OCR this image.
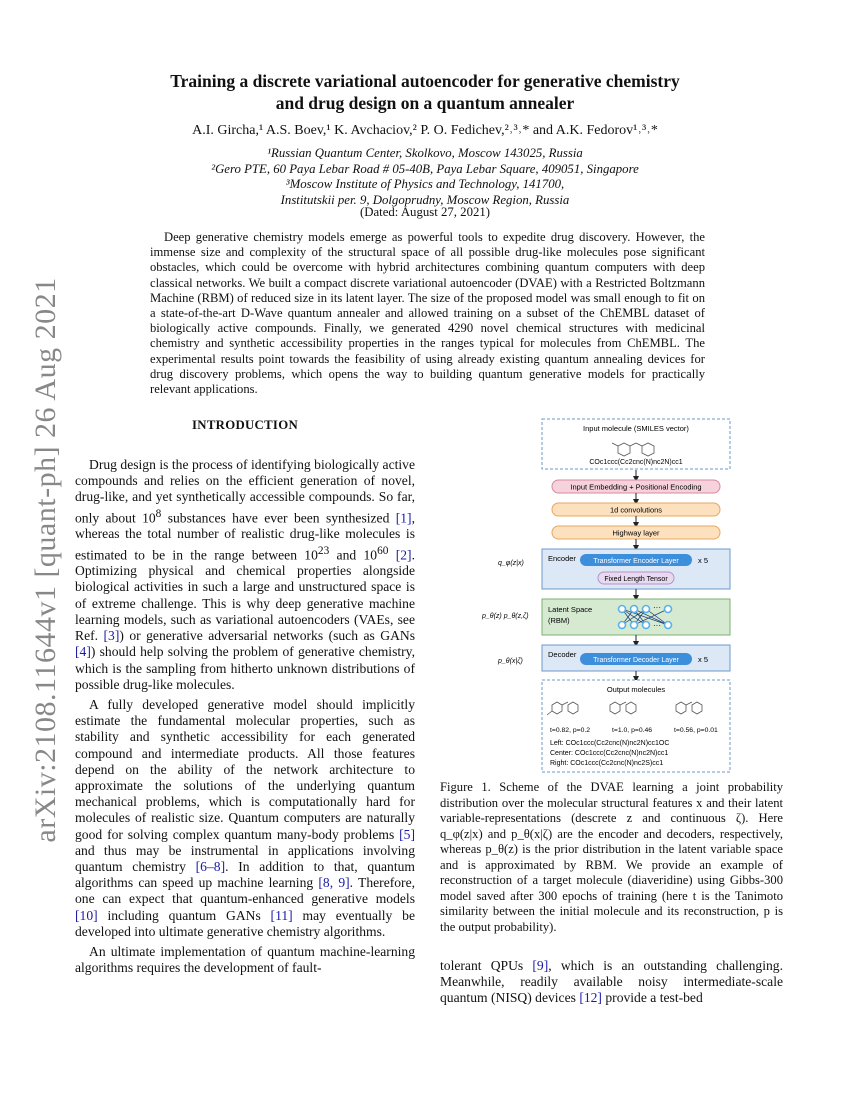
arXiv:2108.11644v1 [quant-ph] 26 Aug 2021
Training a discrete variational autoencoder for generative chemistry
and drug design on a quantum annealer
A.I. Gircha,¹ A.S. Boev,¹ K. Avchaciov,² P. O. Fedichev,²˒³˒* and A.K. Fedorov¹˒³˒*
¹Russian Quantum Center, Skolkovo, Moscow 143025, Russia
²Gero PTE, 60 Paya Lebar Road # 05-40B, Paya Lebar Square, 409051, Singapore
³Moscow Institute of Physics and Technology, 141700,
Institutskii per. 9, Dolgoprudny, Moscow Region, Russia
(Dated: August 27, 2021)

Deep generative chemistry models emerge as powerful tools to expedite drug discovery. However, the immense size and complexity of the structural space of all possible drug-like molecules pose significant obstacles, which could be overcome with hybrid architectures combining quantum computers with deep classical networks. We built a compact discrete variational autoencoder (DVAE) with a Restricted Boltzmann Machine (RBM) of reduced size in its latent layer. The size of the proposed model was small enough to fit on a state-of-the-art D-Wave quantum annealer and allowed training on a subset of the ChEMBL dataset of biologically active compounds. Finally, we generated 4290 novel chemical structures with medicinal chemistry and synthetic accessibility properties in the ranges typical for molecules from ChEMBL. The experimental results point towards the feasibility of using already existing quantum annealing devices for drug discovery problems, which opens the way to building quantum generative models for practically relevant applications.

INTRODUCTION

Drug design is the process of identifying biologically active compounds and relies on the efficient generation of novel, drug-like, and yet synthetically accessible compounds. So far, only about $10^8$ substances have ever been synthesized [1], whereas the total number of realistic drug-like molecules is estimated to be in the range between $10^{23}$ and $10^{60}$ [2]. Optimizing physical and chemical properties alongside biological activities in such a large and unstructured space is of extreme challenge. This is why deep generative machine learning models, such as variational autoencoders (VAEs, see Ref. [3]) or generative adversarial networks (such as GANs [4]) should help solving the problem of generative chemistry, which is the sampling from hitherto unknown distributions of possible drug-like molecules.

A fully developed generative model should implicitly estimate the fundamental molecular properties, such as stability and synthetic accessibility for each generated compound and intermediate products. All those features depend on the ability of the network architecture to approximate the solutions of the underlying quantum mechanical problems, which is computationally hard for molecules of realistic size. Quantum computers are naturally good for solving complex quantum many-body problems [5] and thus may be instrumental in applications involving quantum chemistry [6–8]. In addition to that, quantum algorithms can speed up machine learning [8, 9]. Therefore, one can expect that quantum-enhanced generative models [10] including quantum GANs [11] may eventually be developed into ultimate generative chemistry algorithms.

An ultimate implementation of quantum machine-learning algorithms requires the development of fault-

Input molecule (SMILES vector)
COc1ccc(Cc2cnc(N)nc2N)cc1
Input Embedding + Positional Encoding
1d convolutions
Highway layer
q_φ(z|x)
Encoder Transformer Encoder Layer	x 5
Fixed Length Tensor
p_θ(z) p_θ(z,ζ)
Latent Space
(RBM)
···
···
p_θ(x|ζ)
Decoder
Transformer Decoder Layer	x 5
Output molecules
t=0.82, p=0.2	t=1.0, p=0.46	t=0.56, p=0.01
Left: COc1ccc(Cc2cnc(N)nc2N)cc1OC
Center: COc1ccc(Cc2cnc(N)nc2N)cc1
Right: COc1ccc(Cc2cnc(N)nc2S)cc1

Figure 1. Scheme of the DVAE learning a joint probability distribution over the molecular structural features x and their latent variable-representations (descrete z and continuous ζ). Here q_φ(z|x) and p_θ(x|ζ) are the encoder and decoders, respectively, whereas p_θ(z) is the prior distribution in the latent variable space and is approximated by RBM. We provide an example of reconstruction of a target molecule (diaveridine) using Gibbs-300 model saved after 300 epochs of training (here t is the Tanimoto similarity between the initial molecule and its reconstruction, p is the output probability).

tolerant QPUs [9], which is an outstanding challenging. Meanwhile, readily available noisy intermediate-scale quantum (NISQ) devices [12] provide a test-bed
